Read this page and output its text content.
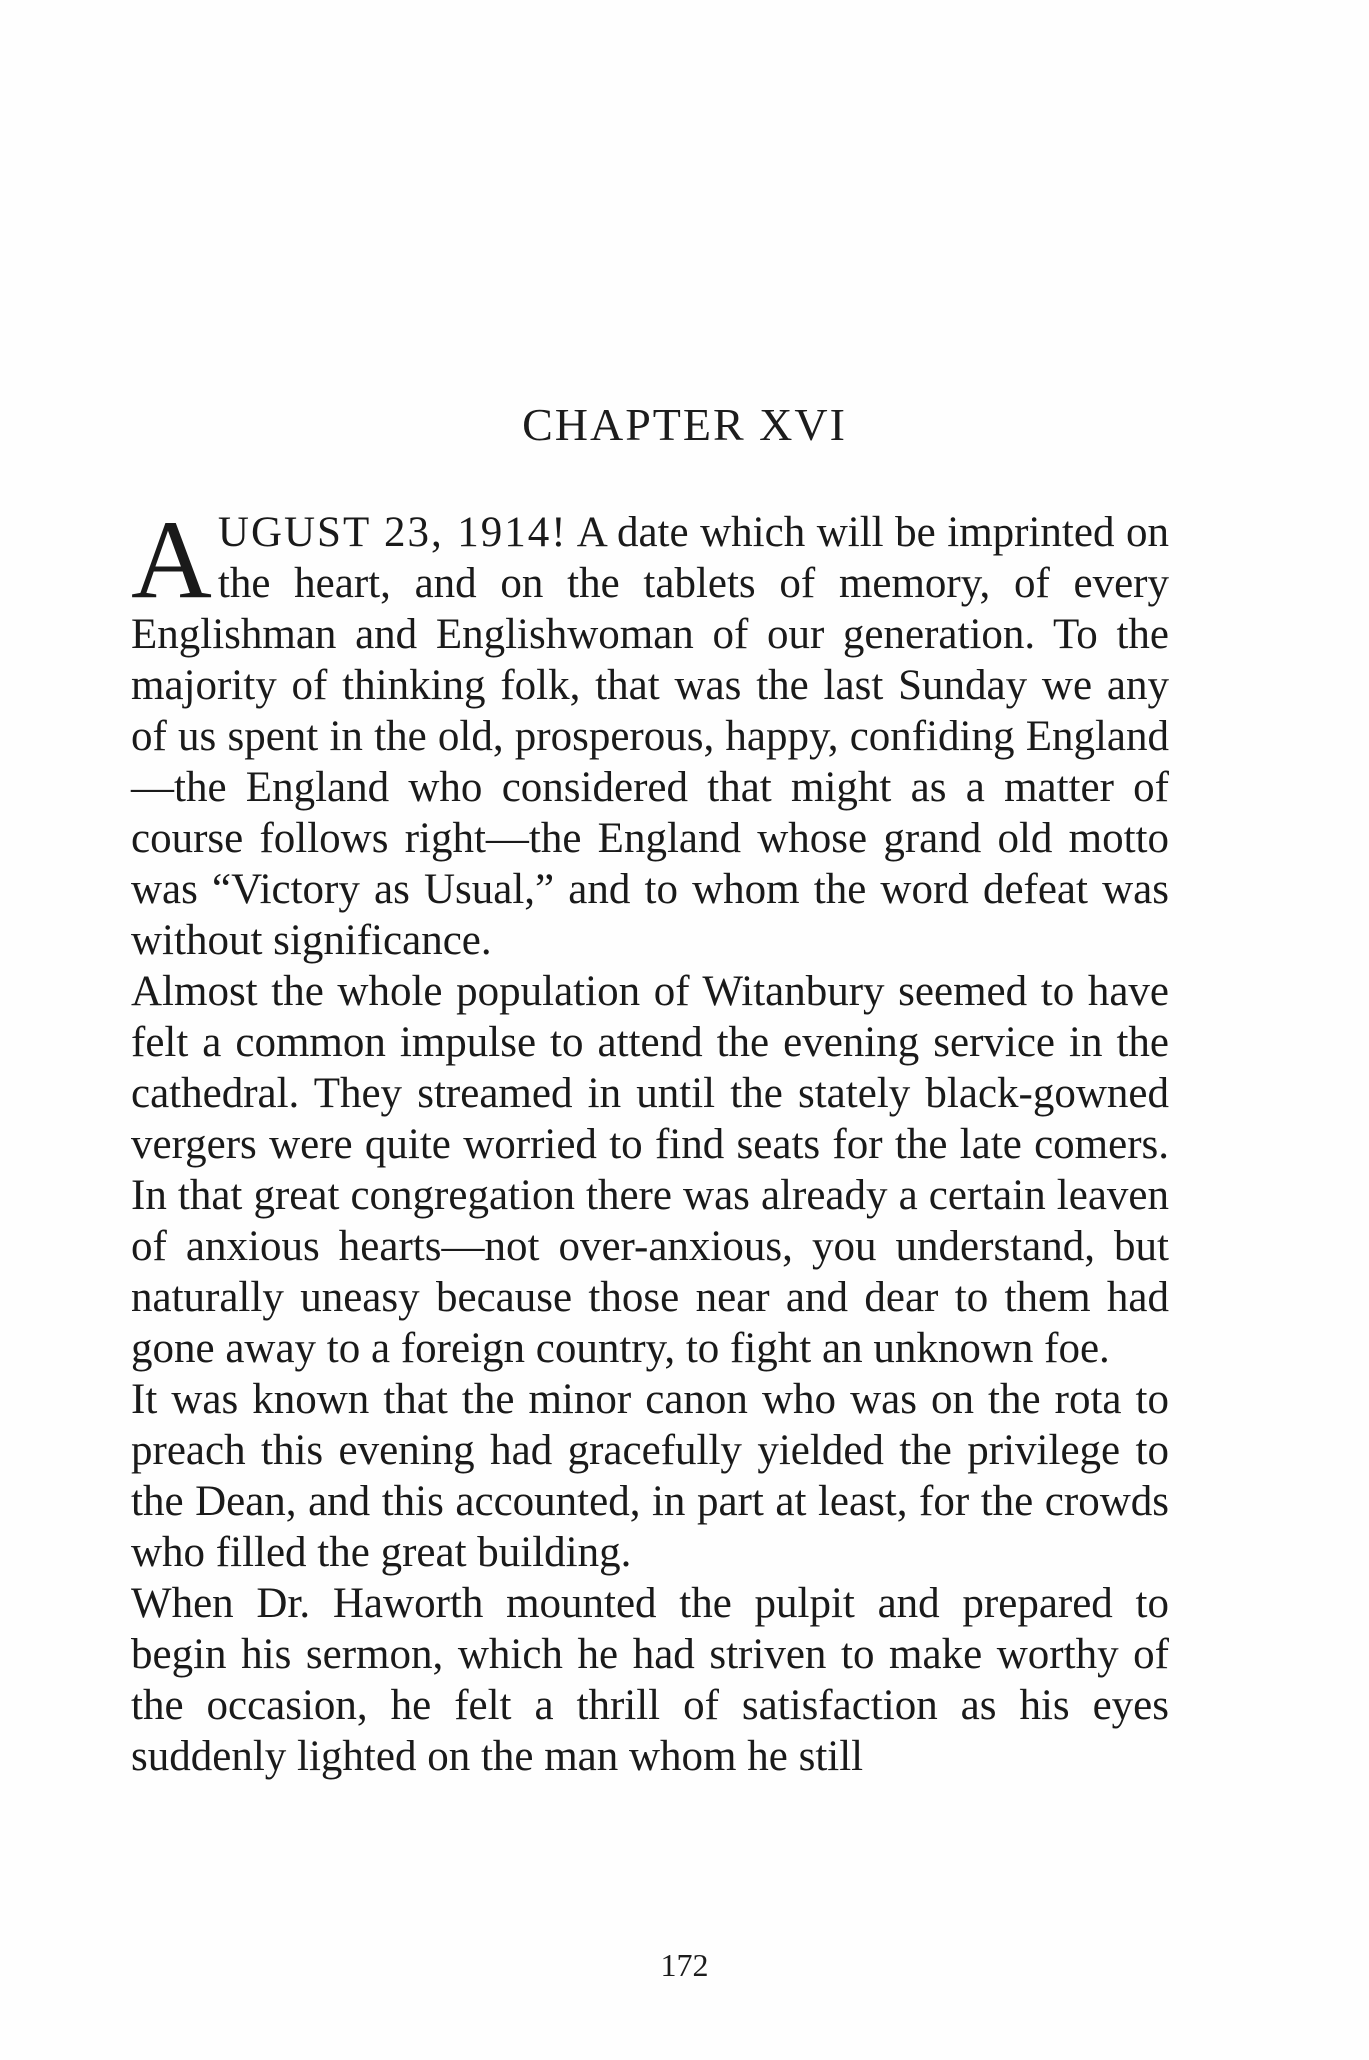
CHAPTER XVI

AUGUST 23, 1914! A date which will be imprinted on the heart, and on the tablets of memory, of every Englishman and Englishwoman of our generation. To the majority of thinking folk, that was the last Sunday we any of us spent in the old, prosperous, happy, confiding England—the England who considered that might as a matter of course follows right—the England whose grand old motto was “Victory as Usual,” and to whom the word defeat was without significance.

Almost the whole population of Witanbury seemed to have felt a common impulse to attend the evening service in the cathedral. They streamed in until the stately black-gowned vergers were quite worried to find seats for the late comers. In that great congregation there was already a certain leaven of anxious hearts—not over-anxious, you understand, but naturally uneasy because those near and dear to them had gone away to a foreign country, to fight an unknown foe.

It was known that the minor canon who was on the rota to preach this evening had gracefully yielded the privilege to the Dean, and this accounted, in part at least, for the crowds who filled the great building.

When Dr. Haworth mounted the pulpit and prepared to begin his sermon, which he had striven to make worthy of the occasion, he felt a thrill of satisfaction as his eyes suddenly lighted on the man whom he still

172
